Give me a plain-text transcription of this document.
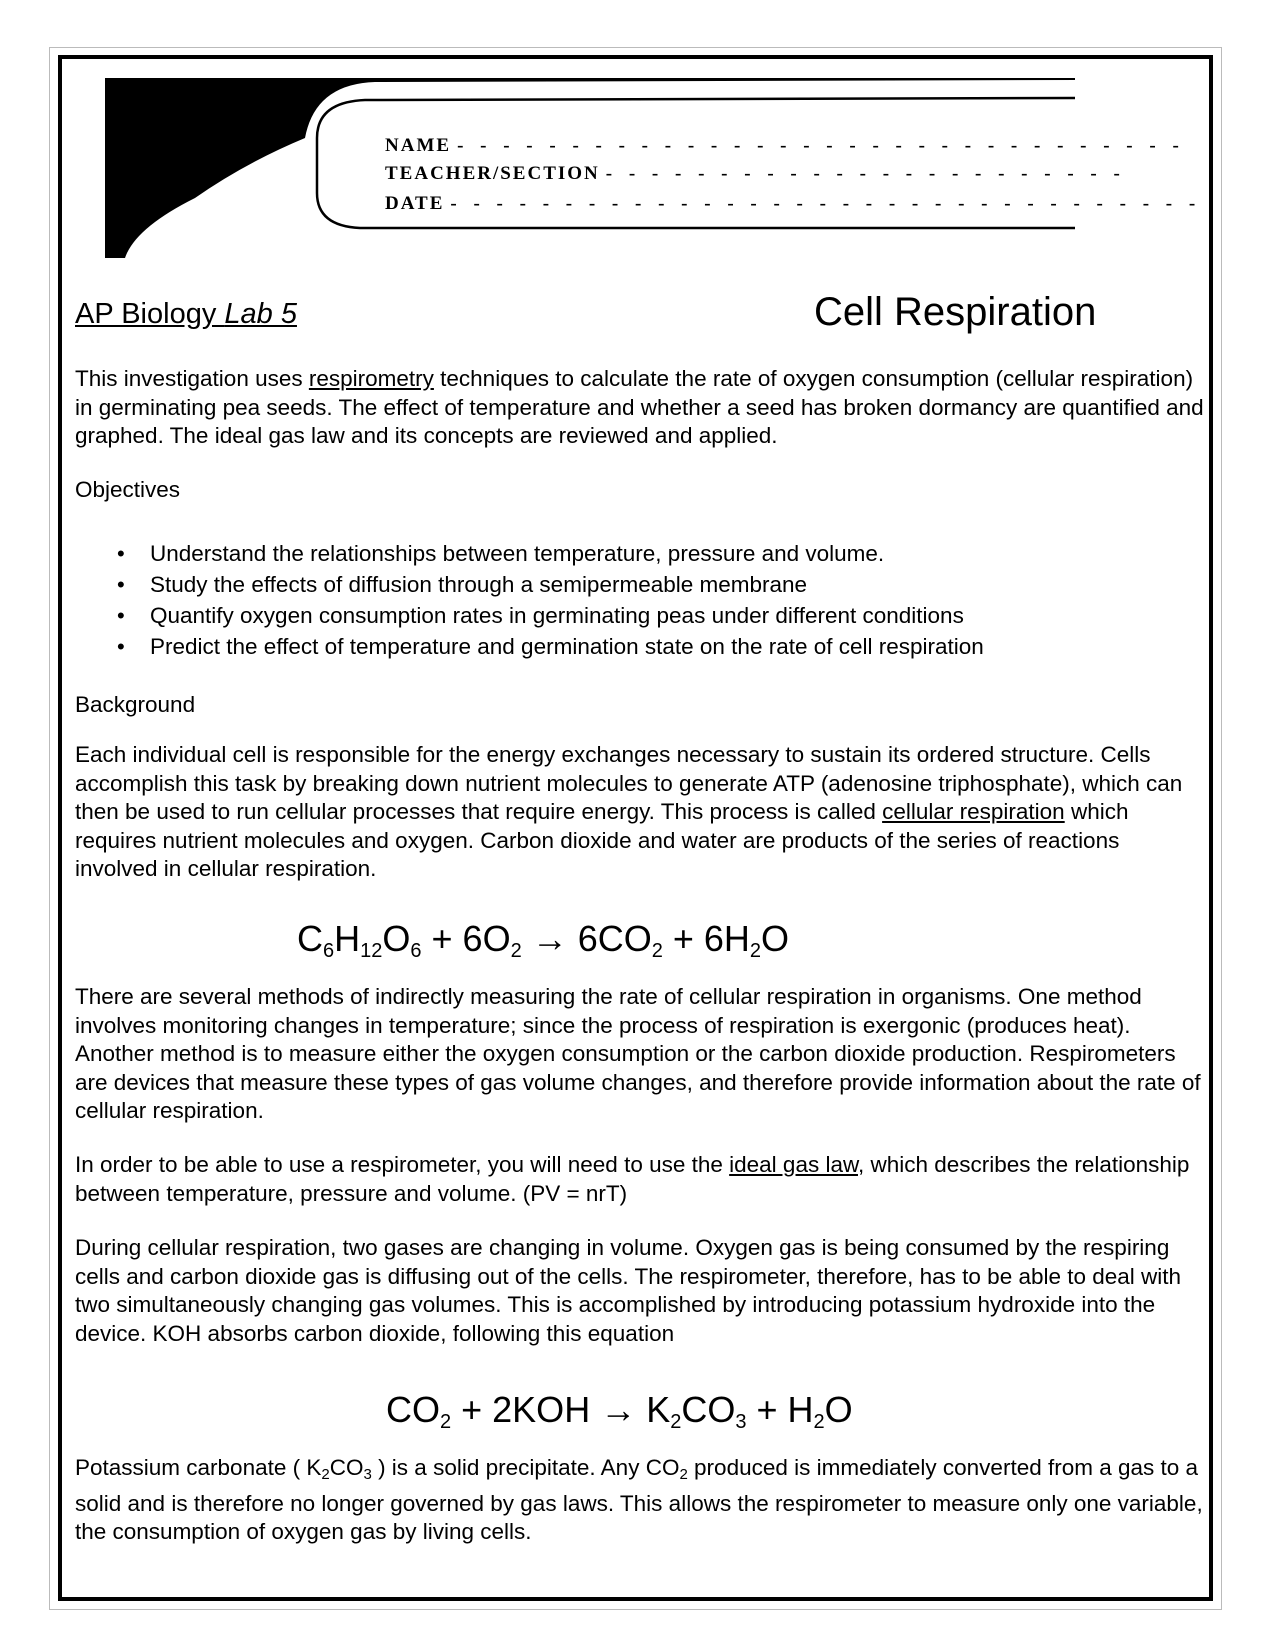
NAME - - - - - - - - - - - - - - - - - - - - - - - - - - - - - - - -
TEACHER/SECTION - - - - - - - - - - - - - - - - - - - - - - -
DATE - - - - - - - - - - - - - - - - - - - - - - - - - - - - - - - - -
AP Biology Lab 5	Cell Respiration

This investigation uses respirometry techniques to calculate the rate of oxygen consumption (cellular respiration) in germinating pea seeds. The effect of temperature and whether a seed has broken dormancy are quantified and graphed. The ideal gas law and its concepts are reviewed and applied.

Objectives

• Understand the relationships between temperature, pressure and volume.
• Study the effects of diffusion through a semipermeable membrane
• Quantify oxygen consumption rates in germinating peas under different conditions
• Predict the effect of temperature and germination state on the rate of cell respiration

Background

Each individual cell is responsible for the energy exchanges necessary to sustain its ordered structure. Cells accomplish this task by breaking down nutrient molecules to generate ATP (adenosine triphosphate), which can then be used to run cellular processes that require energy. This process is called cellular respiration which requires nutrient molecules and oxygen. Carbon dioxide and water are products of the series of reactions involved in cellular respiration.

$C_6H_{12}O_6 + 6O_2 \to 6CO_2 + 6H_2O$

There are several methods of indirectly measuring the rate of cellular respiration in organisms. One method involves monitoring changes in temperature; since the process of respiration is exergonic (produces heat). Another method is to measure either the oxygen consumption or the carbon dioxide production. Respirometers are devices that measure these types of gas volume changes, and therefore provide information about the rate of cellular respiration.

In order to be able to use a respirometer, you will need to use the ideal gas law, which describes the relationship between temperature, pressure and volume. (PV = nrT)

During cellular respiration, two gases are changing in volume. Oxygen gas is being consumed by the respiring cells and carbon dioxide gas is diffusing out of the cells. The respirometer, therefore, has to be able to deal with two simultaneously changing gas volumes. This is accomplished by introducing potassium hydroxide into the device. KOH absorbs carbon dioxide, following this equation

$CO_2 + 2KOH \to K_2CO_3 + H_2O$

Potassium carbonate ( $K_2CO_3$ ) is a solid precipitate. Any $CO_2$ produced is immediately converted from a gas to a solid and is therefore no longer governed by gas laws. This allows the respirometer to measure only one variable, the consumption of oxygen gas by living cells.
